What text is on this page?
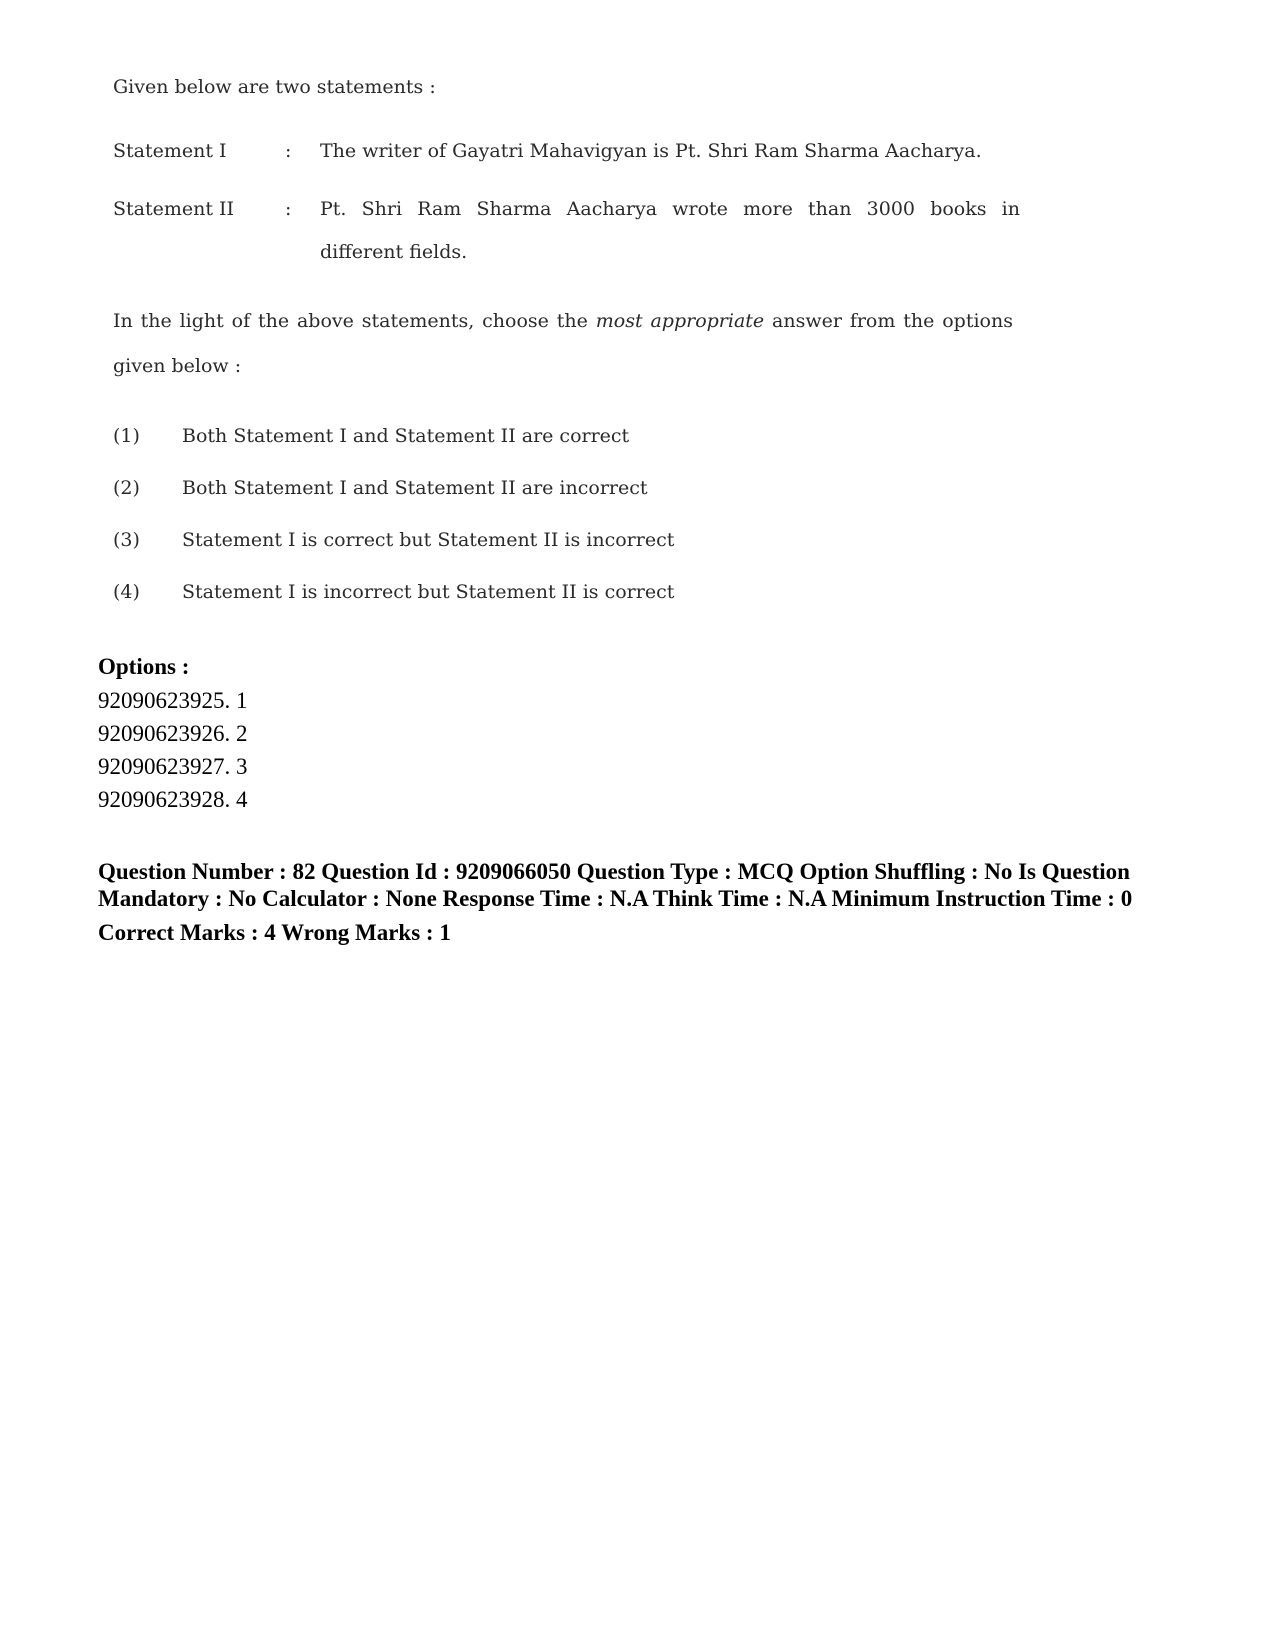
Given below are two statements :
Statement I	: The writer of Gayatri Mahavigyan is Pt. Shri Ram Sharma Aacharya.
Statement II	: Pt. Shri Ram Sharma Aacharya wrote more than 3000 books in
different fields.
In the light of the above statements, choose the most appropriate answer from the options
given below :
(1) Both Statement I and Statement II are correct
(2) Both Statement I and Statement II are incorrect
(3) Statement I is correct but Statement II is incorrect
(4) Statement I is incorrect but Statement II is correct

Options :

92090623925. 1

92090623926. 2

92090623927. 3

92090623928. 4

Question Number : 82 Question Id : 9209066050 Question Type : MCQ Option Shuffling : No Is Question Mandatory : No Calculator : None Response Time : N.A Think Time : N.A Minimum Instruction Time : 0

Correct Marks : 4 Wrong Marks : 1
